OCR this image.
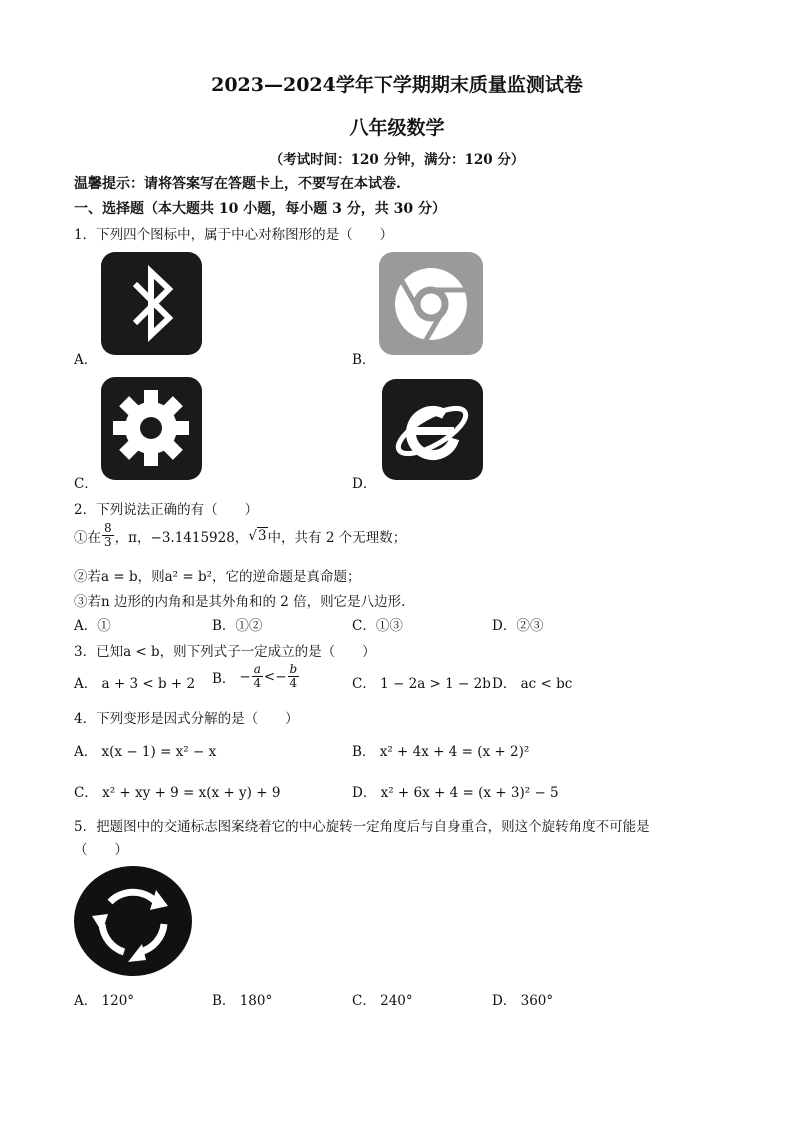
2023—2024学年下学期期末质量监测试卷
八年级数学
（考试时间：120 分钟，满分：120 分）
温馨提示：请将答案写在答题卡上，不要写在本试卷.
一、选择题（本大题共 10 小题，每小题 3 分，共 30 分）
1．下列四个图标中，属于中心对称图形的是（　　）
A．	B．
C．	D．
2．下列说法正确的有（　　）
①在 $\frac{8}{3}$ ，π，−3.1415928， √ 3 中，共有 2 个无理数；
②若a = b，则a² = b²，它的逆命题是真命题；
③若n 边形的内角和是其外角和的 2 倍，则它是八边形.
A．①	B．①②	C．①③	D．②③
3．已知a < b，则下列式子一定成立的是（　　）
A． a + 3 < b + 2 B． − $\frac{a}{4} <- \frac{b}{4}$	C． 1 − 2a > 1 − 2b D． ac < bc
4．下列变形是因式分解的是（　　）
A． x(x − 1) = x² − x	B． x² + 4x + 4 = (x + 2)²
C． x² + xy + 9 = x(x + y) + 9	D． x² + 6x + 4 = (x + 3)² − 5
5．把题图中的交通标志图案绕着它的中心旋转一定角度后与自身重合，则这个旋转角度不可能是
（　　）
A． 120°	B． 180°	C． 240°	D． 360°
